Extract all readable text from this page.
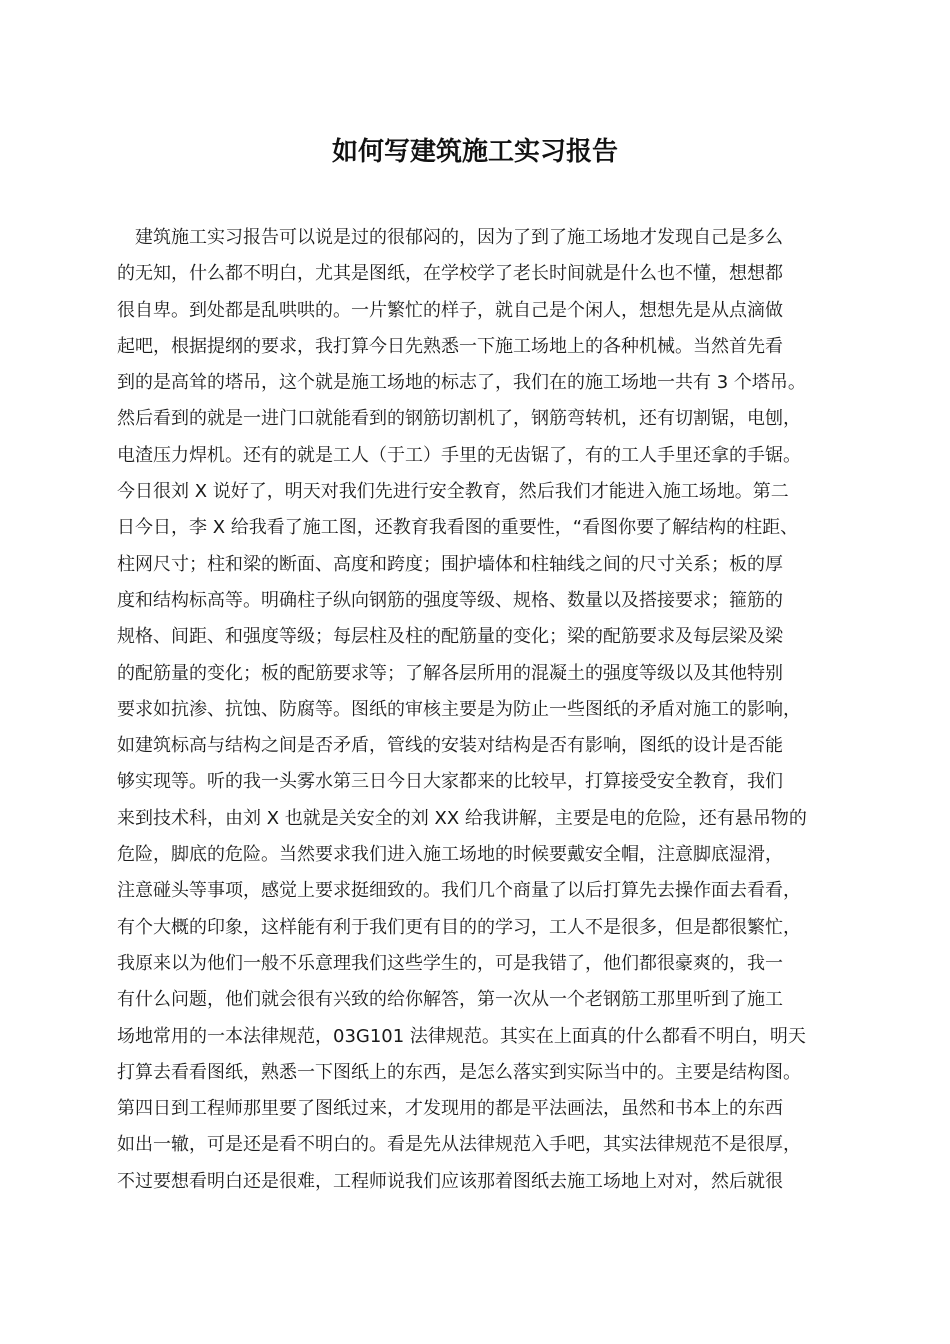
如何写建筑施工实习报告
建筑施工实习报告可以说是过的很郁闷的，因为了到了施工场地才发现自己是多么
的无知，什么都不明白，尤其是图纸，在学校学了老长时间就是什么也不懂，想想都
很自卑。到处都是乱哄哄的。一片繁忙的样子，就自己是个闲人，想想先是从点滴做
起吧，根据提纲的要求，我打算今日先熟悉一下施工场地上的各种机械。当然首先看
到的是高耸的塔吊，这个就是施工场地的标志了，我们在的施工场地一共有 3 个塔吊。
然后看到的就是一进门口就能看到的钢筋切割机了，钢筋弯转机，还有切割锯，电刨，
电渣压力焊机。还有的就是工人（于工）手里的无齿锯了，有的工人手里还拿的手锯。
今日很刘 X 说好了，明天对我们先进行安全教育，然后我们才能进入施工场地。第二
日今日，李 X 给我看了施工图，还教育我看图的重要性，“看图你要了解结构的柱距、
柱网尺寸；柱和梁的断面、高度和跨度；围护墙体和柱轴线之间的尺寸关系；板的厚
度和结构标高等。明确柱子纵向钢筋的强度等级、规格、数量以及搭接要求；箍筋的
规格、间距、和强度等级；每层柱及柱的配筋量的变化；梁的配筋要求及每层梁及梁
的配筋量的变化；板的配筋要求等；了解各层所用的混凝土的强度等级以及其他特别
要求如抗渗、抗蚀、防腐等。图纸的审核主要是为防止一些图纸的矛盾对施工的影响，
如建筑标高与结构之间是否矛盾，管线的安装对结构是否有影响，图纸的设计是否能
够实现等。听的我一头雾水第三日今日大家都来的比较早，打算接受安全教育，我们
来到技术科，由刘 X 也就是关安全的刘 XX 给我讲解，主要是电的危险，还有悬吊物的
危险，脚底的危险。当然要求我们进入施工场地的时候要戴安全帽，注意脚底湿滑，
注意碰头等事项，感觉上要求挺细致的。我们几个商量了以后打算先去操作面去看看，
有个大概的印象，这样能有利于我们更有目的的学习，工人不是很多，但是都很繁忙，
我原来以为他们一般不乐意理我们这些学生的，可是我错了，他们都很豪爽的，我一
有什么问题，他们就会很有兴致的给你解答，第一次从一个老钢筋工那里听到了施工
场地常用的一本法律规范，03G101 法律规范。其实在上面真的什么都看不明白，明天
打算去看看图纸，熟悉一下图纸上的东西，是怎么落实到实际当中的。主要是结构图。
第四日到工程师那里要了图纸过来，才发现用的都是平法画法，虽然和书本上的东西
如出一辙，可是还是看不明白的。看是先从法律规范入手吧，其实法律规范不是很厚，
不过要想看明白还是很难，工程师说我们应该那着图纸去施工场地上对对，然后就很
